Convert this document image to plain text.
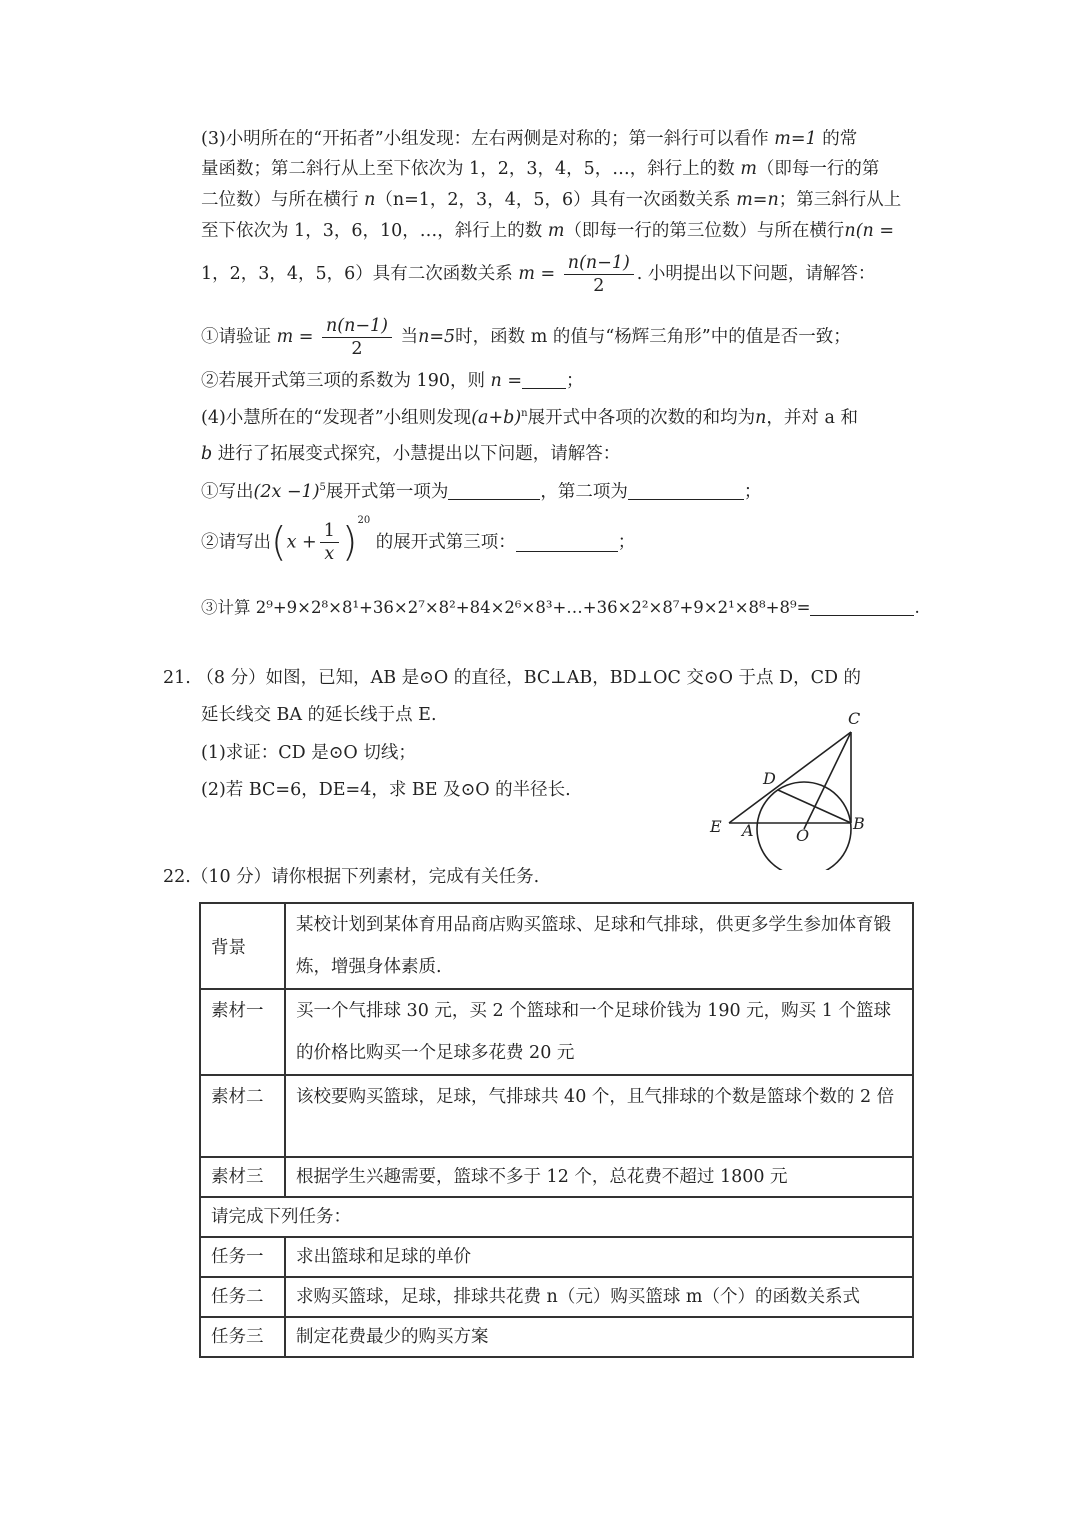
(3)小明所在的“开拓者”小组发现：左右两侧是对称的；第一斜行可以看作 m=1 的常
量函数；第二斜行从上至下依次为 1，2，3，4，5，…，斜行上的数 m（即每一行的第
二位数）与所在横行 n（n=1，2，3，4，5，6）具有一次函数关系 m=n；第三斜行从上
至下依次为 1，3，6，10，…，斜行上的数 m（即每一行的第三位数）与所在横行n(n =
1，2，3，4，5，6）具有二次函数关系 $m = \frac{n(n-1)}{2}$ . 小明提出以下问题，请解答：
①请验证 $m = \frac{n(n-1)}{2}$ 当n=5时，函数 m 的值与“杨辉三角形”中的值是否一致；
②若展开式第三项的系数为 190，则 n =	；
(4)小慧所在的“发现者”小组则发现$(a+b)^n$展开式中各项的次数的和均为n，并对 a 和
b 进行了拓展变式探究，小慧提出以下问题，请解答：
①写出$(2x -1)^5$展开式第一项为	，第二项为	；
②请写出$(x + \frac{1}{x} )^{20}$ 的展开式第三项：	；
③计算 2⁹+9×2⁸×8¹+36×2⁷×8²+84×2⁶×8³+…+36×2²×8⁷+9×2¹×8⁸+8⁹=	.
21. （8 分）如图，已知，AB 是⊙O 的直径，BC⊥AB，BD⊥OC 交⊙O 于点 D，CD 的
延长线交 BA 的延长线于点 E.
(1)求证：CD 是⊙O 切线；
(2)若 BC=6，DE=4，求 BE 及⊙O 的半径长.
C
D
E A	O
B
22.（10 分）请你根据下列素材，完成有关任务.
背景	某校计划到某体育用品商店购买篮球、足球和气排球，供更多学生参加体育锻炼，增强身体素质.
素材一	买一个气排球 30 元，买 2 个篮球和一个足球价钱为 190 元，购买 1 个篮球的价格比购买一个足球多花费 20 元
素材二	该校要购买篮球，足球，气排球共 40 个，且气排球的个数是篮球个数的 2 倍
素材三	根据学生兴趣需要，篮球不多于 12 个，总花费不超过 1800 元
请完成下列任务：	
任务一	求出篮球和足球的单价
任务二	求购买篮球，足球，排球共花费 n（元）购买篮球 m（个）的函数关系式
任务三	制定花费最少的购买方案
